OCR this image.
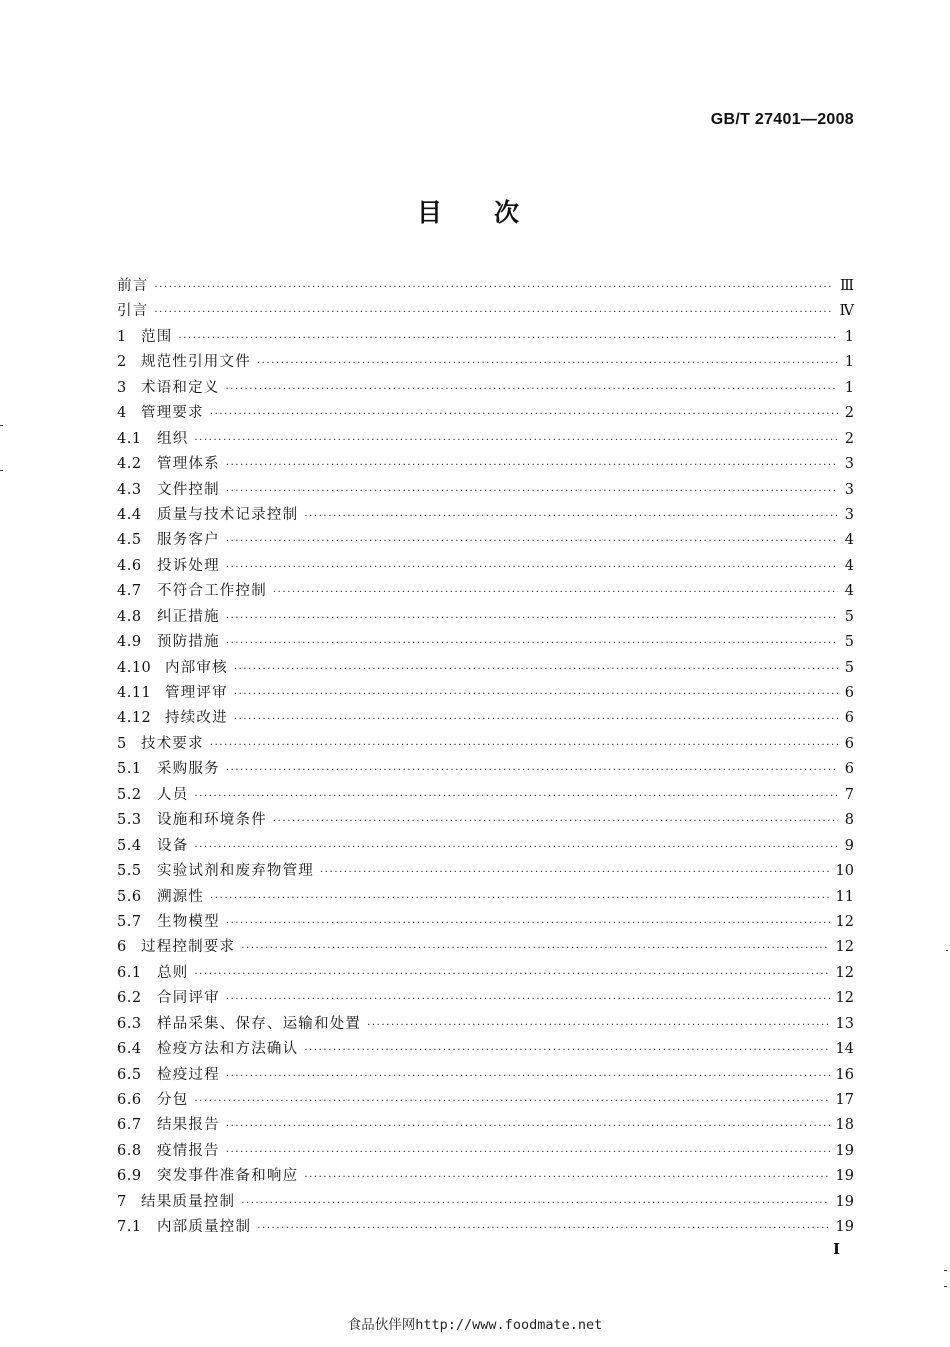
GB/T 27401—2008
目次
前言 ·····	Ⅲ
引言 ·····	Ⅳ
1 范围 ·····	1
2 规范性引用文件 ·····	1
3 术语和定义 ·····	1
4 管理要求 ·····	2
4.1	组织 ·····	2
4.2	管理体系 ·····	3
4.3	文件控制 ·····	3
4.4	质量与技术记录控制 ·····	3
4.5	服务客户 ·····	4
4.6	投诉处理 ·····	4
4.7	不符合工作控制 ·····	4
4.8	纠正措施 ·····	5
4.9	预防措施 ·····	5
4.10 内部审核 ·····	5
4.11 管理评审 ·····	6
4.12 持续改进 ·····	6
5 技术要求 ·····	6
5.1	采购服务 ·····	6
5.2	人员 ·····	7
5.3	设施和环境条件 ·····	8
5.4	设备 ·····	9
5.5	实验试剂和废弃物管理 ·····	10
5.6	溯源性 ·····	11
5.7	生物模型 ·····	12
6 过程控制要求 ·····	12
6.1	总则 ·····	12
6.2	合同评审 ·····	12
6.3	样品采集、保存、运输和处置 ·····	13
6.4	检疫方法和方法确认 ·····	14
6.5	检疫过程 ·····	16
6.6	分包 ·····	17
6.7	结果报告 ·····	18
6.8	疫情报告 ·····	19
6.9	突发事件准备和响应 ·····	19
7 结果质量控制 ·····	19
7.1	内部质量控制 ·····	19
I
食品伙伴网http://www.foodmate.net
